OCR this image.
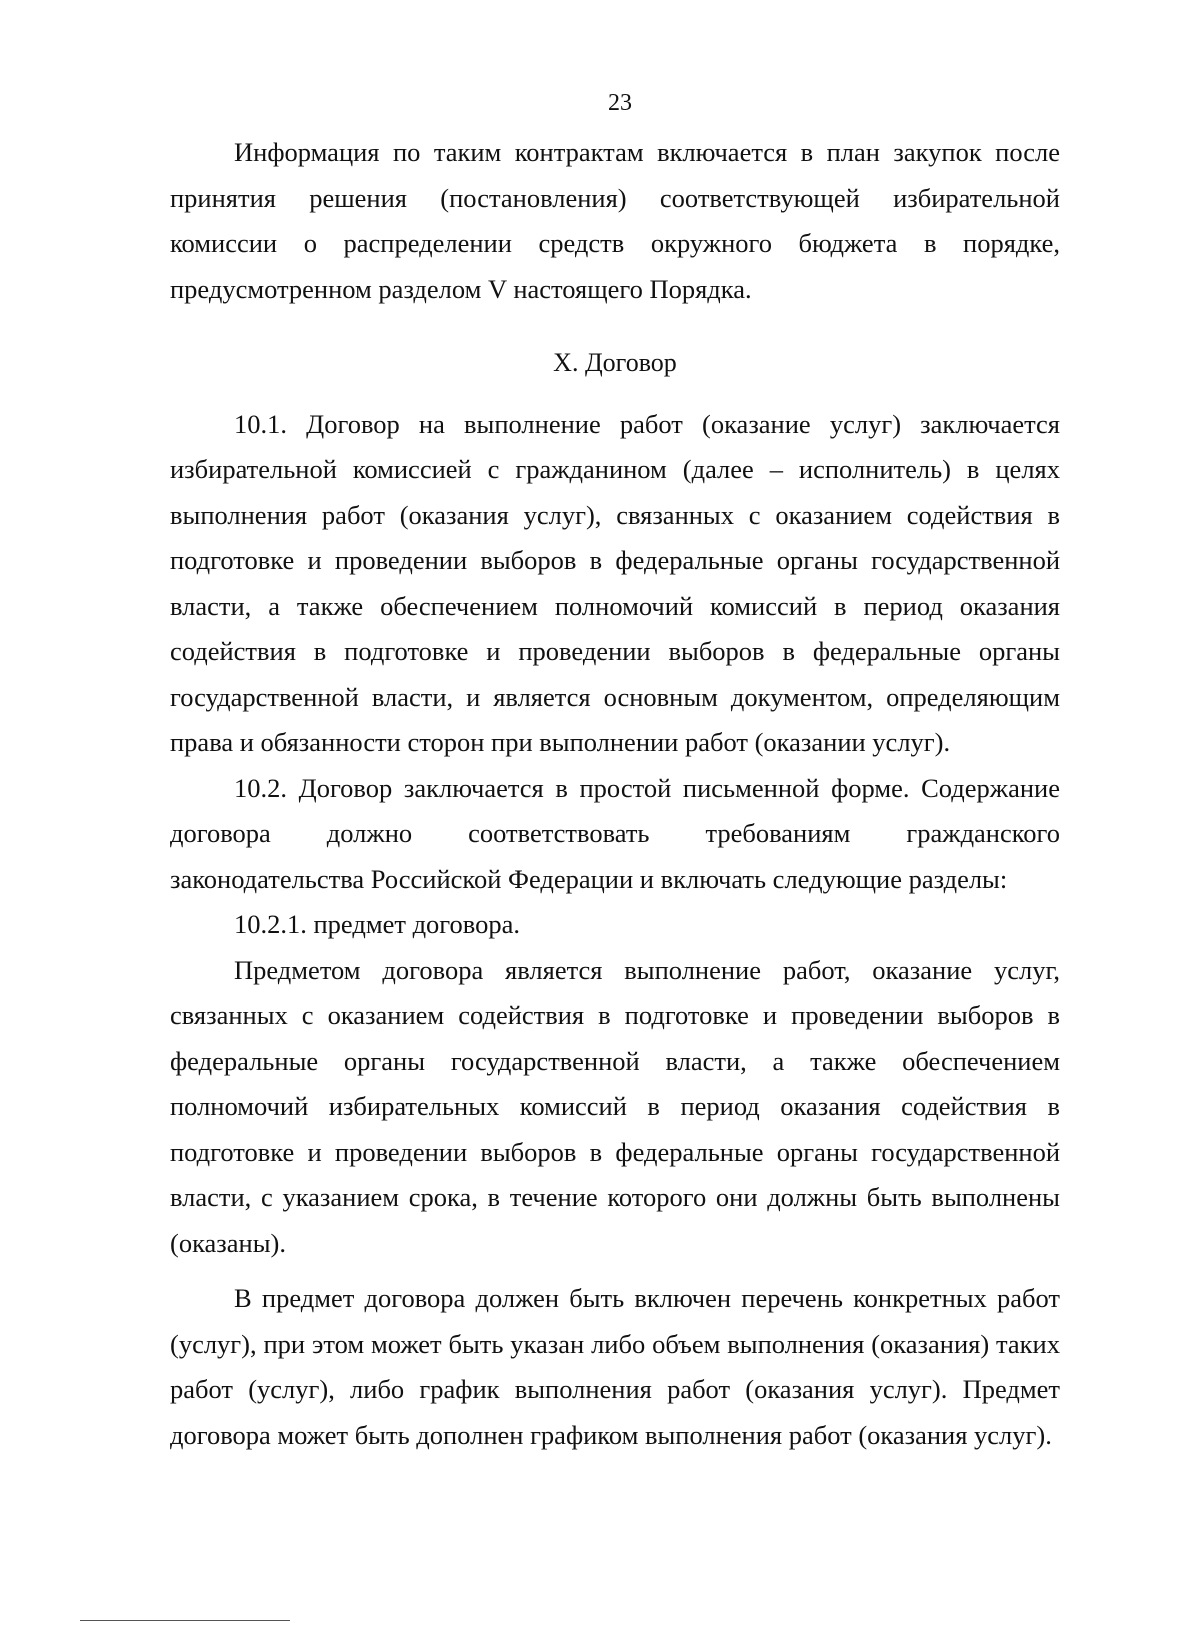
23

Информация по таким контрактам включается в план закупок после принятия решения (постановления) соответствующей избирательной комиссии о распределении средств окружного бюджета в порядке, предусмотренном разделом V настоящего Порядка.

X. Договор

10.1. Договор на выполнение работ (оказание услуг) заключается избирательной комиссией с гражданином (далее – исполнитель) в целях выполнения работ (оказания услуг), связанных с оказанием содействия в подготовке и проведении выборов в федеральные органы государственной власти, а также обеспечением полномочий комиссий в период оказания содействия в подготовке и проведении выборов в федеральные органы государственной власти, и является основным документом, определяющим права и обязанности сторон при выполнении работ (оказании услуг).

10.2. Договор заключается в простой письменной форме. Содержание договора должно соответствовать требованиям гражданского законодательства Российской Федерации и включать следующие разделы:

10.2.1. предмет договора.

Предметом договора является выполнение работ, оказание услуг, связанных с оказанием содействия в подготовке и проведении выборов в федеральные органы государственной власти, а также обеспечением полномочий избирательных комиссий в период оказания содействия в подготовке и проведении выборов в федеральные органы государственной власти, с указанием срока, в течение которого они должны быть выполнены (оказаны).

В предмет договора должен быть включен перечень конкретных работ (услуг), при этом может быть указан либо объем выполнения (оказания) таких работ (услуг), либо график выполнения работ (оказания услуг). Предмет договора может быть дополнен графиком выполнения работ (оказания услуг).
